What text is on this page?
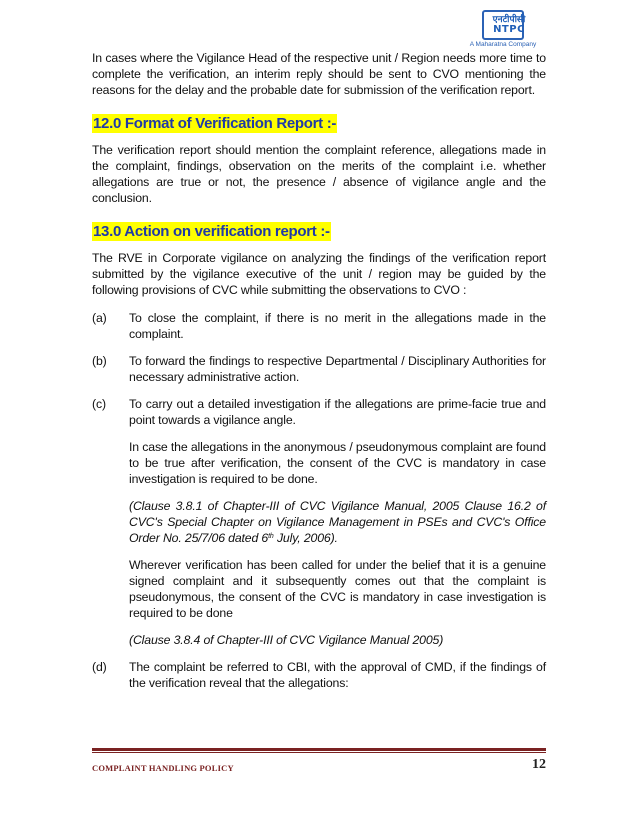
एनटीपीसी
NTPC
A Maharatna Company

In cases where the Vigilance Head of the respective unit / Region needs more time to complete the verification, an interim reply should be sent to CVO mentioning the reasons for the delay and the probable date for submission of the verification report.

12.0 Format of Verification Report :-

The verification report should mention the complaint reference, allegations made in the complaint, findings, observation on the merits of the complaint i.e. whether allegations are true or not, the presence / absence of vigilance angle and the conclusion.

13.0 Action on verification report :-

The RVE in Corporate vigilance on analyzing the findings of the verification report submitted by the vigilance executive of the unit / region may be guided by the following provisions of CVC while submitting the observations to CVO :

(a)	To close the complaint, if there is no merit in the allegations made in the complaint.
(b)	To forward the findings to respective Departmental / Disciplinary Authorities for necessary administrative action.
(c)	To carry out a detailed investigation if the allegations are prime-facie true and point towards a vigilance angle.

In case the allegations in the anonymous / pseudonymous complaint are found to be true after verification, the consent of the CVC is mandatory in case investigation is required to be done.

(Clause 3.8.1 of Chapter-III of CVC Vigilance Manual, 2005 Clause 16.2 of CVC's Special Chapter on Vigilance Management in PSEs and CVC's Office Order No. 25/7/06 dated 6th July, 2006).

Wherever verification has been called for under the belief that it is a genuine signed complaint and it subsequently comes out that the complaint is pseudonymous, the consent of the CVC is mandatory in case investigation is required to be done

(Clause 3.8.4 of Chapter-III of CVC Vigilance Manual 2005)

(d)	The complaint be referred to CBI, with the approval of CMD, if the findings of the verification reveal that the allegations:
COMPLAINT HANDLING POLICY	12
